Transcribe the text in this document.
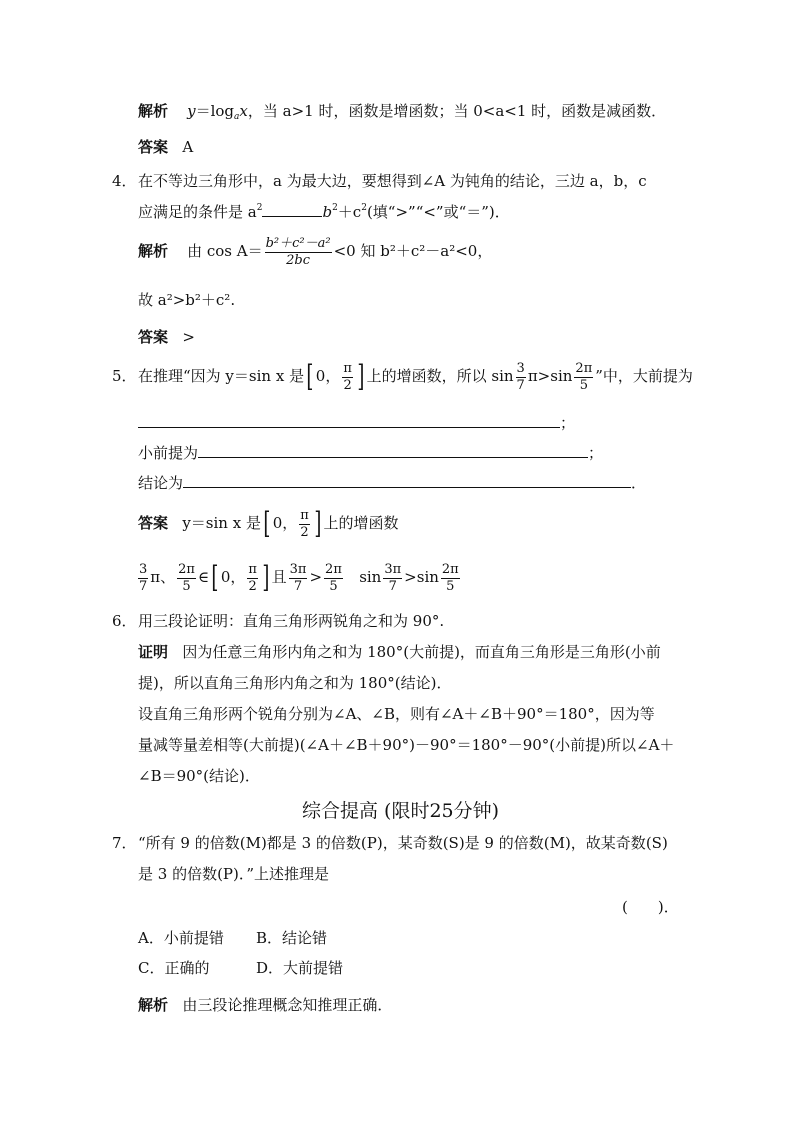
解析 $y=\log_ax$，当 a>1 时，函数是增函数；当 0<a<1 时，函数是减函数．
答案 A
4． 在不等边三角形中，a 为最大边，要想得到∠A 为钝角的结论，三边 a，b，c
应满足的条件是 $a^2$	$b^2+c^2$(填“>”“<”或“＝”)．
解析 由 $\cos A= \frac{\text{b²＋c²－a²}}{2bc} <0$ 知 b²＋c²－a²<0，
故 a²>b²＋c².
答案 >
5． 在推理“因为 y＝sin x 是[ 0， $\frac{\pi}{2}$ ] 上的增函数，所以 $\sin \frac{3}{7} \pi>\sin \frac{2\pi}{5}$ ”中，大前提为
；
小前提为	；
结论为	．
答案 y＝sin x 是[ 0， $\frac{\pi}{2}$ ] 上的增函数
$\frac{3}{7}$ π、 $\frac{2\pi}{5}$ ∈[ 0， $\frac{\pi}{2}$ ] 且 $\frac{3\pi}{7} > \frac{2\pi}{5}$ $\sin \frac{3\pi}{7} >\sin \frac{2\pi}{5}$
6． 用三段论证明：直角三角形两锐角之和为 90°.
证明 因为任意三角形内角之和为 180°(大前提)，而直角三角形是三角形(小前
提)，所以直角三角形内角之和为 180°(结论)．
设直角三角形两个锐角分别为∠A、∠B，则有∠A＋∠B＋90°＝180°，因为等
量减等量差相等(大前提)(∠A＋∠B＋90°)－90°＝180°－90°(小前提)所以∠A＋
∠B＝90°(结论)．
综合提高 (限时25分钟)
7． “所有 9 的倍数(M)都是 3 的倍数(P)，某奇数(S)是 9 的倍数(M)，故某奇数(S)
是 3 的倍数(P)．”上述推理是
(　　)．
A．小前提错 B．结论错
C．正确的	D．大前提错
解析 由三段论推理概念知推理正确．
